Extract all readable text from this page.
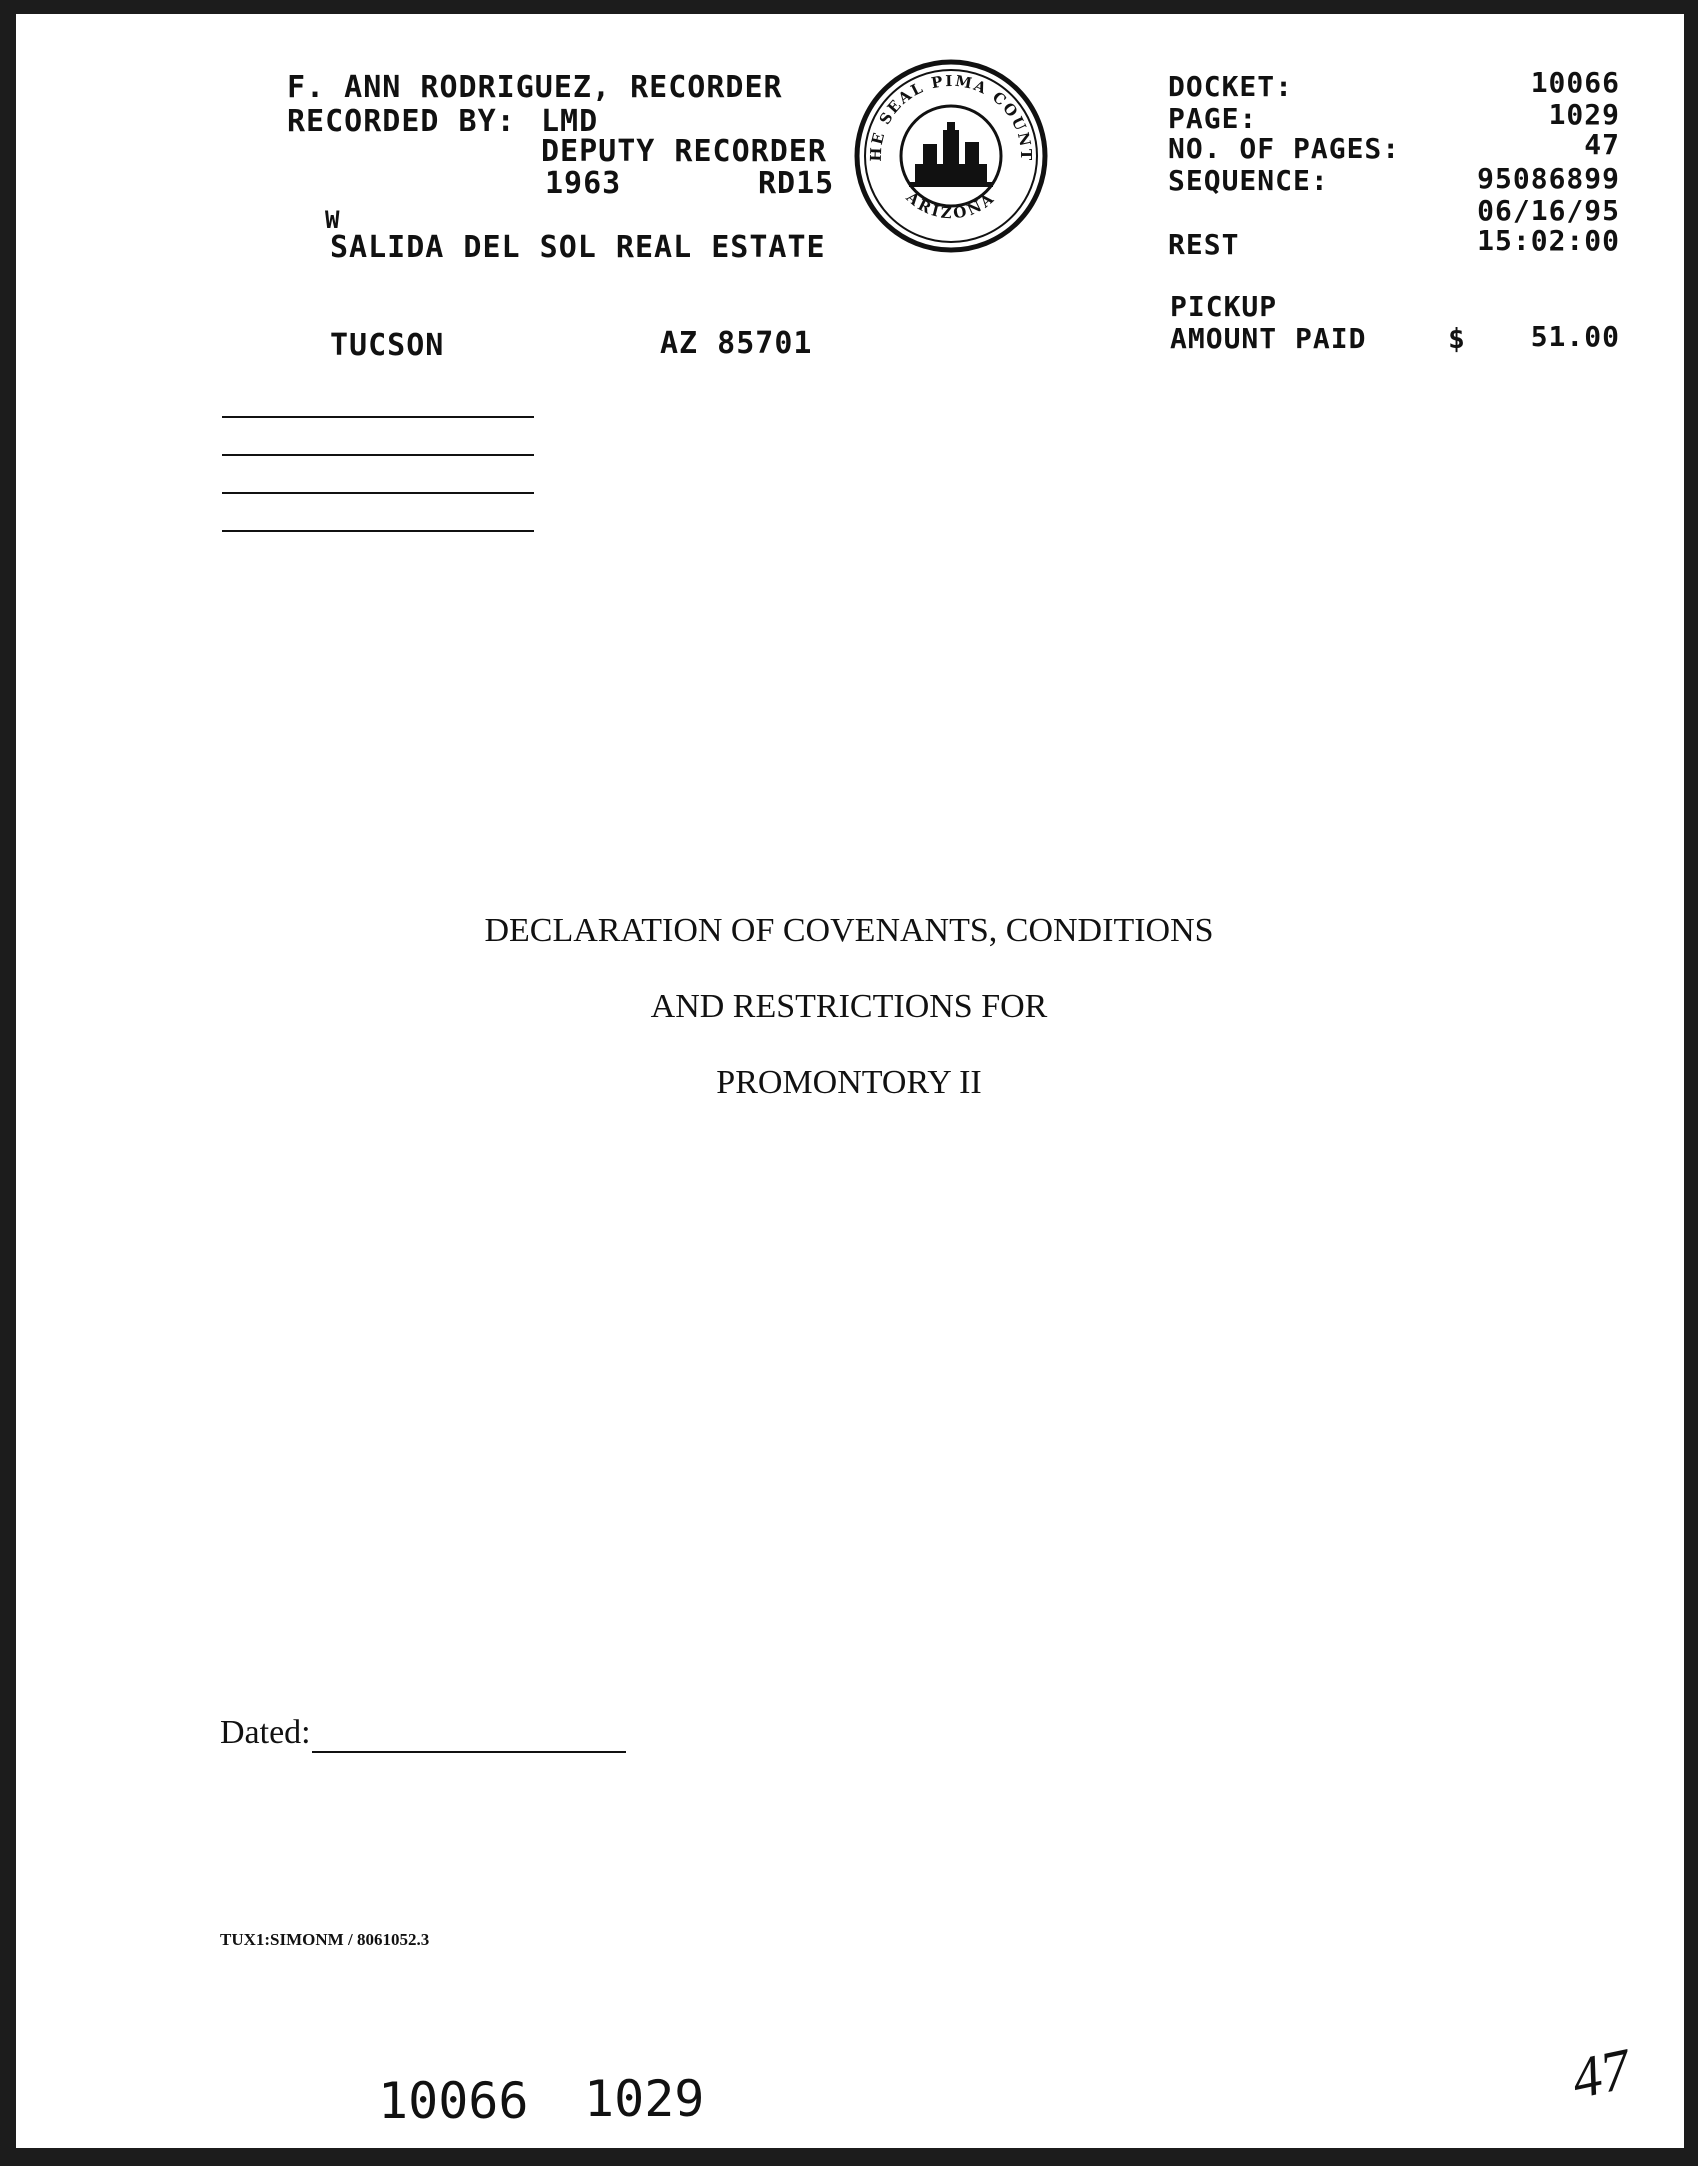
F. ANN RODRIGUEZ, RECORDER
RECORDED BY: LMD
DEPUTY RECORDER
1963	RD15
W
SALIDA DEL SOL REAL ESTATE
TUCSON	AZ 85701
HE SEAL PIMA COUNT
ARIZONA
DOCKET:	10066
PAGE:	1029
NO. OF PAGES:	47
SEQUENCE:	95086899
06/16/95
REST	15:02:00
PICKUP
AMOUNT PAID	$	51.00
DECLARATION OF COVENANTS, CONDITIONS
AND RESTRICTIONS FOR
PROMONTORY II
Dated:
TUX1:SIMONM / 8061052.3
10066 1029	47
